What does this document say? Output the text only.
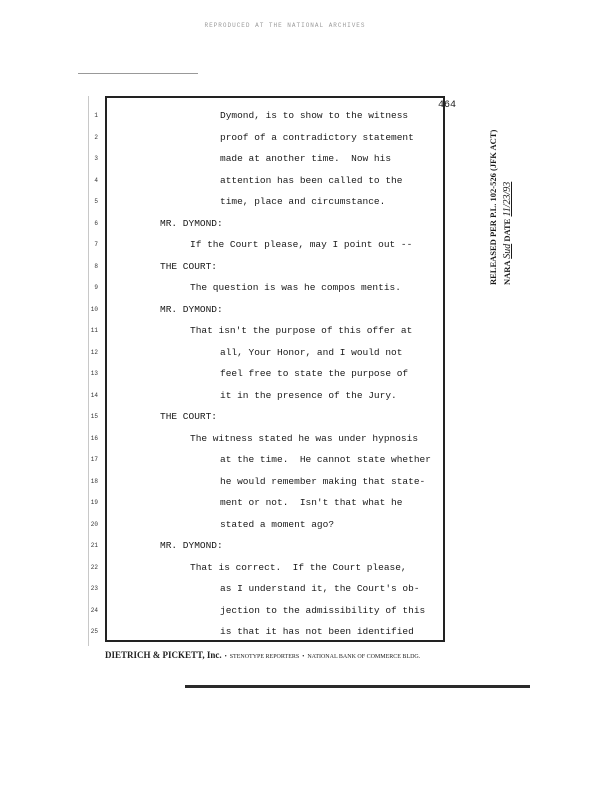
REPRODUCED AT THE NATIONAL ARCHIVES
464
1	Dymond, is to show to the witness
2	proof of a contradictory statement
3	made at another time.  Now his
4	attention has been called to the
5	time, place and circumstance.
6	MR. DYMOND:
7	If the Court please, may I point out --
8	THE COURT:
9	The question is was he compos mentis.
10	MR. DYMOND:
11	That isn't the purpose of this offer at
12	all, Your Honor, and I would not
13	feel free to state the purpose of
14	it in the presence of the Jury.
15	THE COURT:
16	The witness stated he was under hypnosis
17	at the time.  He cannot state whether
18	he would remember making that state-
19	ment or not.  Isn't that what he
20	stated a moment ago?
21	MR. DYMOND:
22	That is correct.  If the Court please,
23	as I understand it, the Court's ob-
24	jection to the admissibility of this
25	is that it has not been identified
RELEASED PER P.L. 102-526 (JFK ACT) NARA Sud DATE 11/23/93
DIETRICH & PICKETT, Inc.  •  STENOTYPE REPORTERS  •  NATIONAL BANK OF COMMERCE BLDG.
